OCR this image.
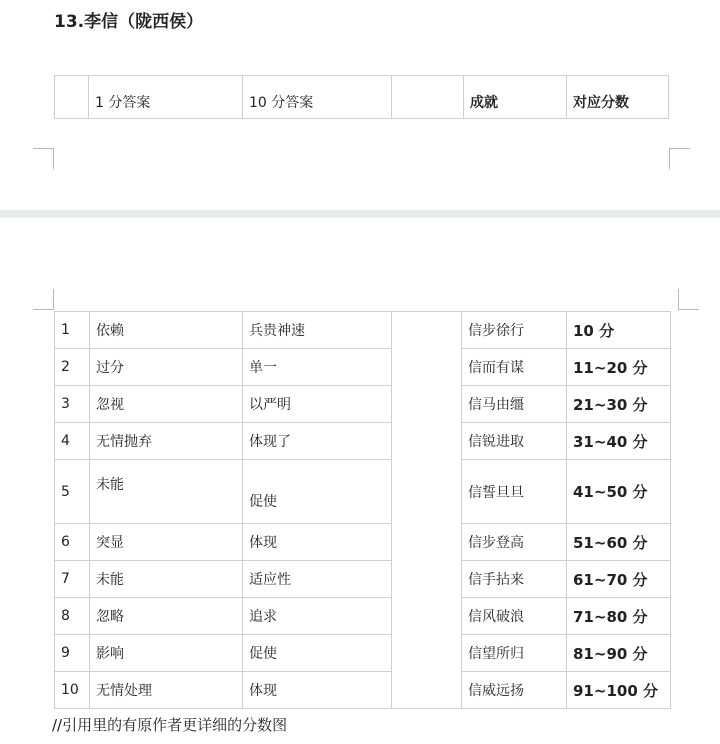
13.李信（陇西侯）
	1 分答案	10 分答案		成就	对应分数
1	依赖	兵贵神速		信步徐行	10 分
2	过分	单一		信而有谋	11~20 分
3	忽视	以严明		信马由缰	21~30 分
4	无情抛弃	体现了		信锐进取	31~40 分
5	未能	促使		信誓旦旦	41~50 分
6	突显	体现		信步登高	51~60 分
7	未能	适应性		信手拈来	61~70 分
8	忽略	追求		信风破浪	71~80 分
9	影响	促使		信望所归	81~90 分
10	无情处理	体现		信威远扬	91~100 分
//引用里的有原作者更详细的分数图
